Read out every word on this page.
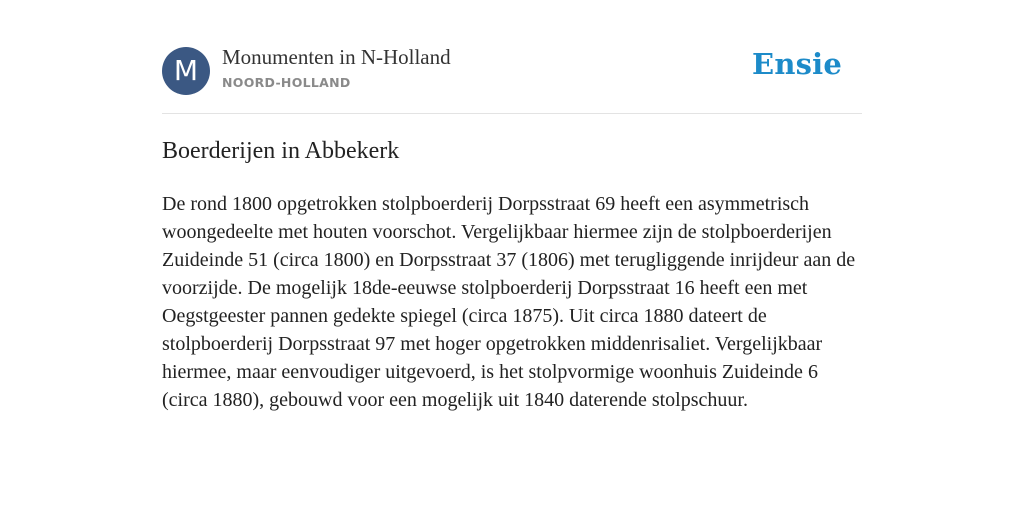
M	Monumenten in N-Holland
NOORD-HOLLAND
Ensie
Boerderijen in Abbekerk

De rond 1800 opgetrokken stolpboerderij Dorpsstraat 69 heeft een asymmetrisch woongedeelte met houten voorschot. Vergelijkbaar hiermee zijn de stolpboerderijen Zuideinde 51 (circa 1800) en Dorpsstraat 37 (1806) met terugliggende inrijdeur aan de voorzijde. De mogelijk 18de-eeuwse stolpboerderij Dorpsstraat 16 heeft een met Oegstgeester pannen gedekte spiegel (circa 1875). Uit circa 1880 dateert de stolpboerderij Dorpsstraat 97 met hoger opgetrokken middenrisaliet. Vergelijkbaar hiermee, maar eenvoudiger uitgevoerd, is het stolpvormige woonhuis Zuideinde 6 (circa 1880), gebouwd voor een mogelijk uit 1840 daterende stolpschuur.
